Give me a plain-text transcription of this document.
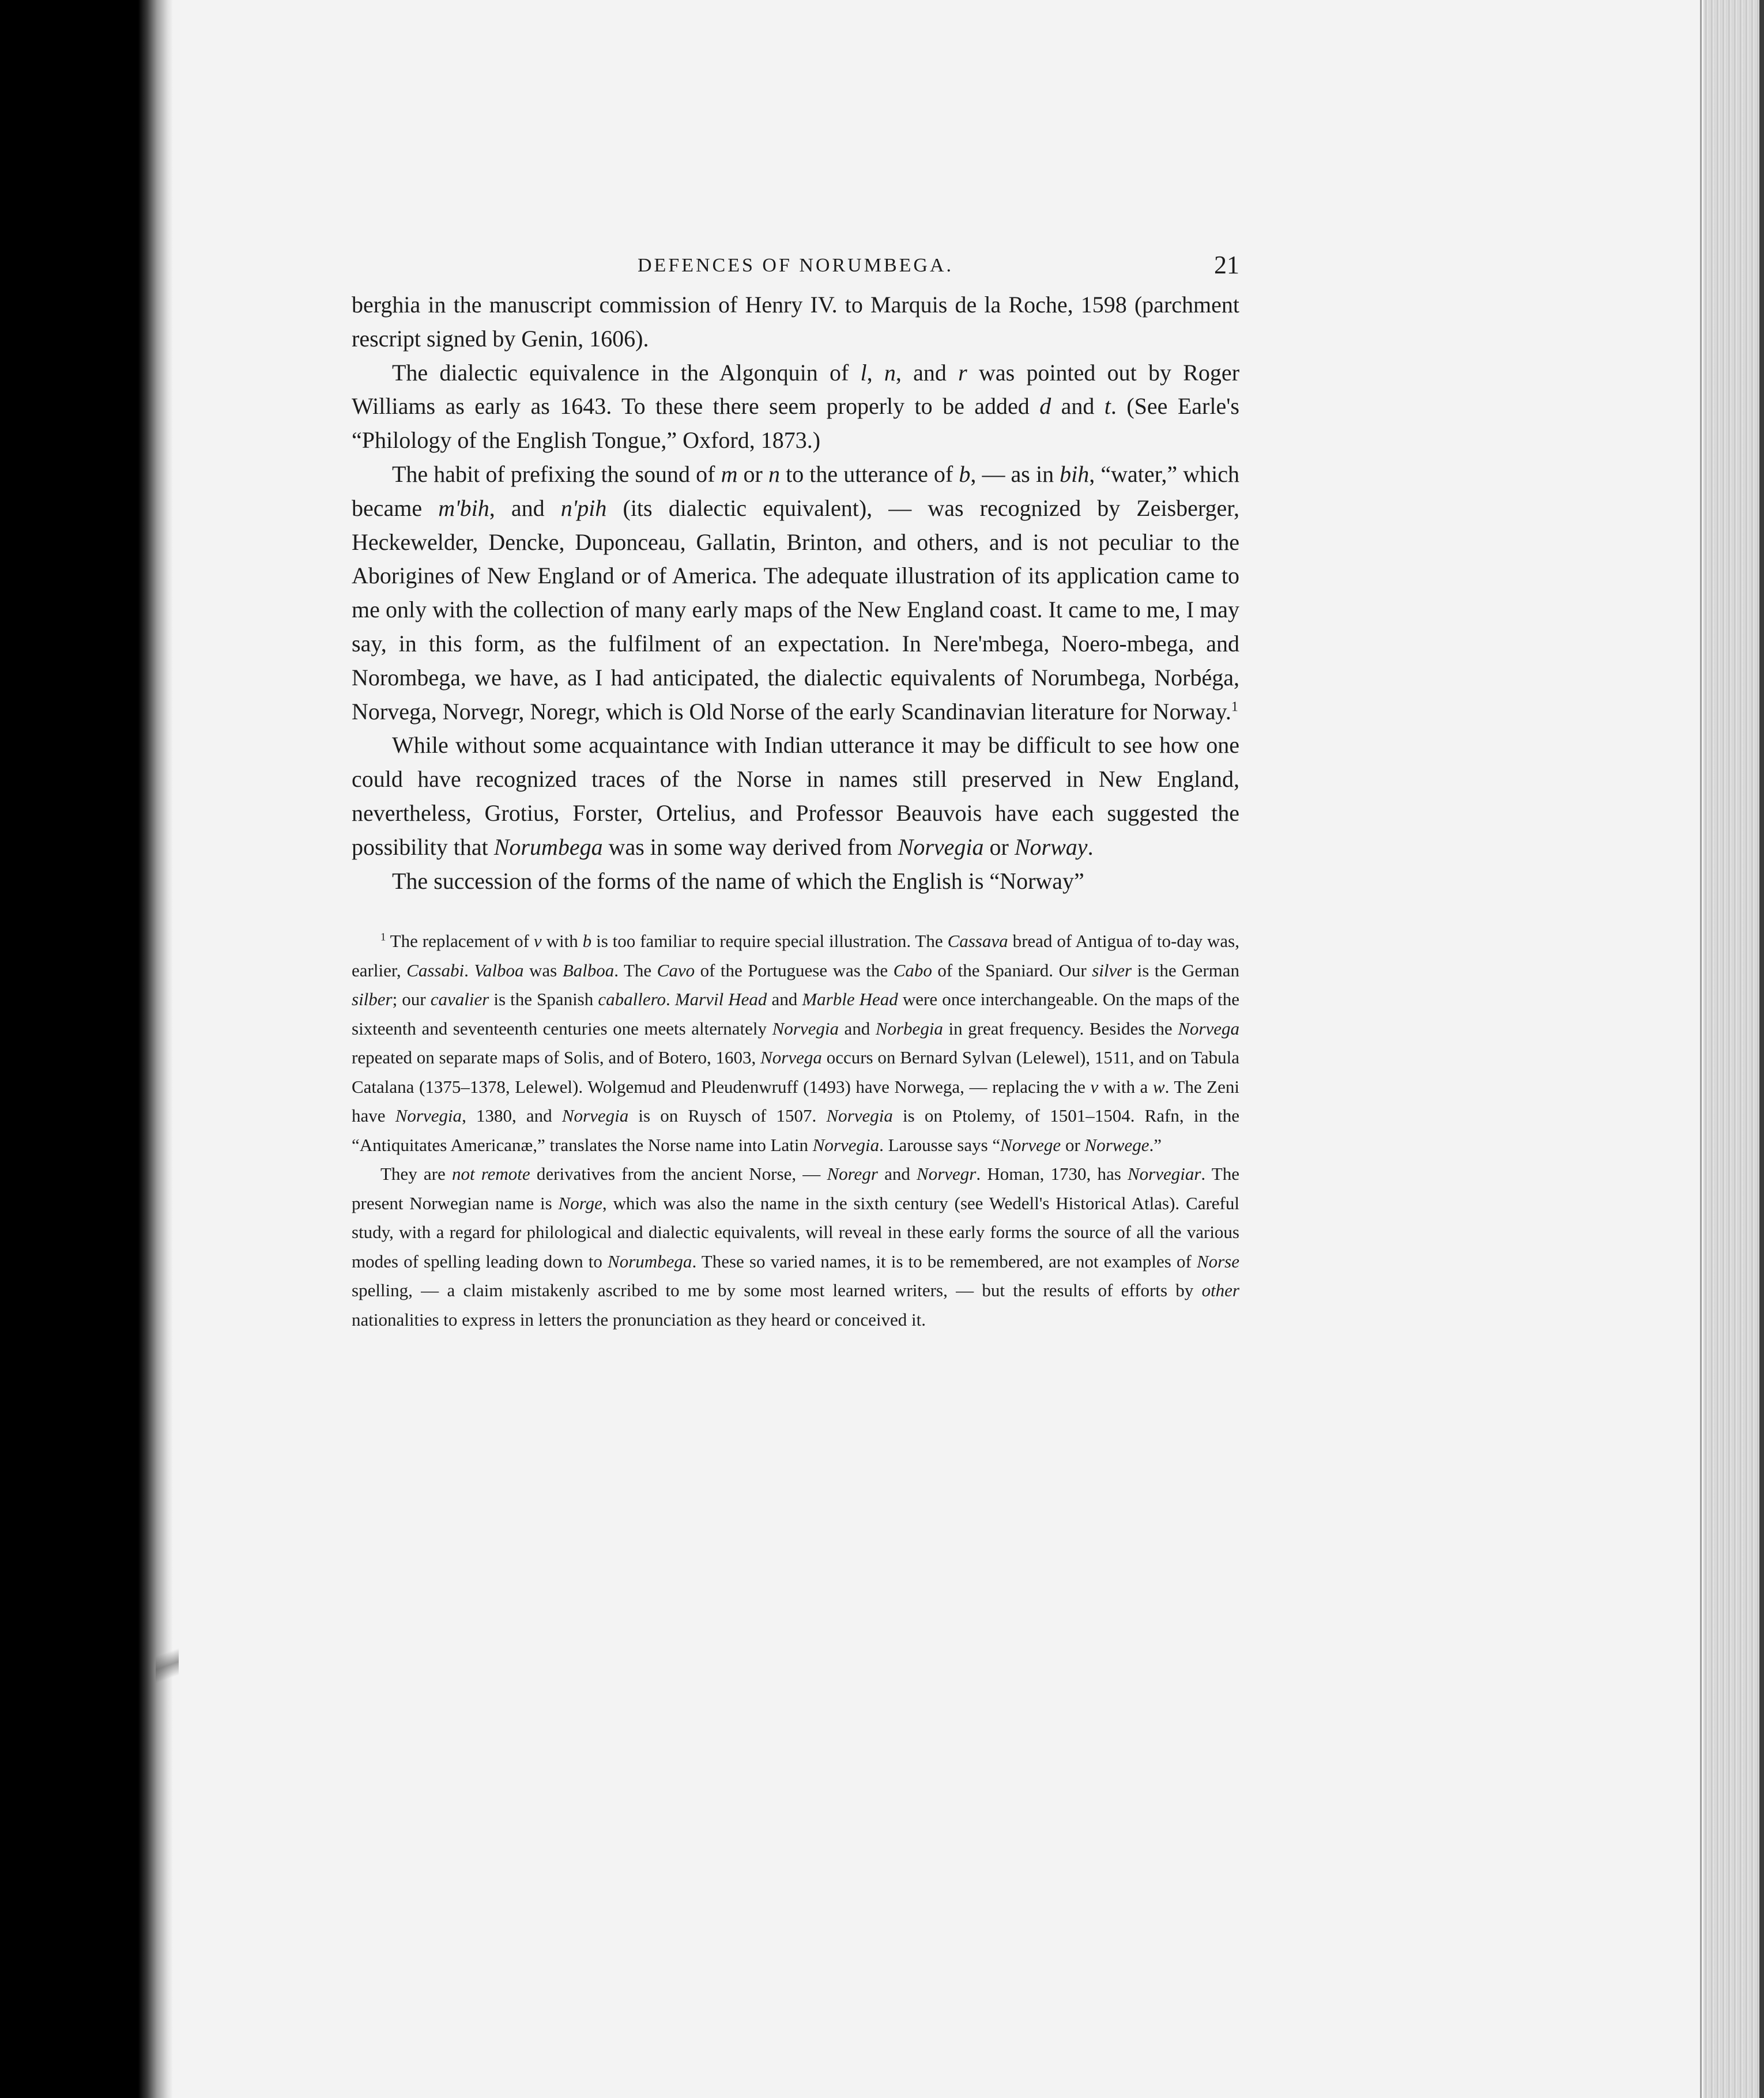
DEFENCES OF NORUMBEGA.	21

berghia in the manuscript commission of Henry IV. to Marquis de la Roche, 1598 (parchment rescript signed by Genin, 1606).

The dialectic equivalence in the Algonquin of l, n, and r was pointed out by Roger Williams as early as 1643. To these there seem properly to be added d and t. (See Earle's “Philology of the English Tongue,” Oxford, 1873.)

The habit of prefixing the sound of m or n to the utterance of b, — as in bih, “water,” which became m'bih, and n'pih (its dialectic equivalent), — was recognized by Zeisberger, Heckewelder, Dencke, Duponceau, Gallatin, Brinton, and others, and is not peculiar to the Aborigines of New England or of America. The adequate illustration of its application came to me only with the collection of many early maps of the New England coast. It came to me, I may say, in this form, as the fulfilment of an expectation. In Nere'mbega, Noero-mbega, and Norombega, we have, as I had anticipated, the dialectic equivalents of Norumbega, Norbéga, Norvega, Norvegr, Noregr, which is Old Norse of the early Scandinavian literature for Norway.$^1$

While without some acquaintance with Indian utterance it may be difficult to see how one could have recognized traces of the Norse in names still preserved in New England, nevertheless, Grotius, Forster, Ortelius, and Professor Beauvois have each suggested the possibility that Norumbega was in some way derived from Norvegia or Norway.

The succession of the forms of the name of which the English is “Norway”

$^1$ The replacement of v with b is too familiar to require special illustration. The Cassava bread of Antigua of to-day was, earlier, Cassabi. Valboa was Balboa. The Cavo of the Portuguese was the Cabo of the Spaniard. Our silver is the German silber; our cavalier is the Spanish caballero. Marvil Head and Marble Head were once interchangeable. On the maps of the sixteenth and seventeenth centuries one meets alternately Norvegia and Norbegia in great frequency. Besides the Norvega repeated on separate maps of Solis, and of Botero, 1603, Norvega occurs on Bernard Sylvan (Lelewel), 1511, and on Tabula Catalana (1375–1378, Lelewel). Wolgemud and Pleudenwruff (1493) have Norwega, — replacing the v with a w. The Zeni have Norvegia, 1380, and Norvegia is on Ruysch of 1507. Norvegia is on Ptolemy, of 1501–1504. Rafn, in the “Antiquitates Americanæ,” translates the Norse name into Latin Norvegia. Larousse says “Norvege or Norwege.”

They are not remote derivatives from the ancient Norse, — Noregr and Norvegr. Homan, 1730, has Norvegiar. The present Norwegian name is Norge, which was also the name in the sixth century (see Wedell's Historical Atlas). Careful study, with a regard for philological and dialectic equivalents, will reveal in these early forms the source of all the various modes of spelling leading down to Norumbega. These so varied names, it is to be remembered, are not examples of Norse spelling, — a claim mistakenly ascribed to me by some most learned writers, — but the results of efforts by other nationalities to express in letters the pronunciation as they heard or conceived it.
